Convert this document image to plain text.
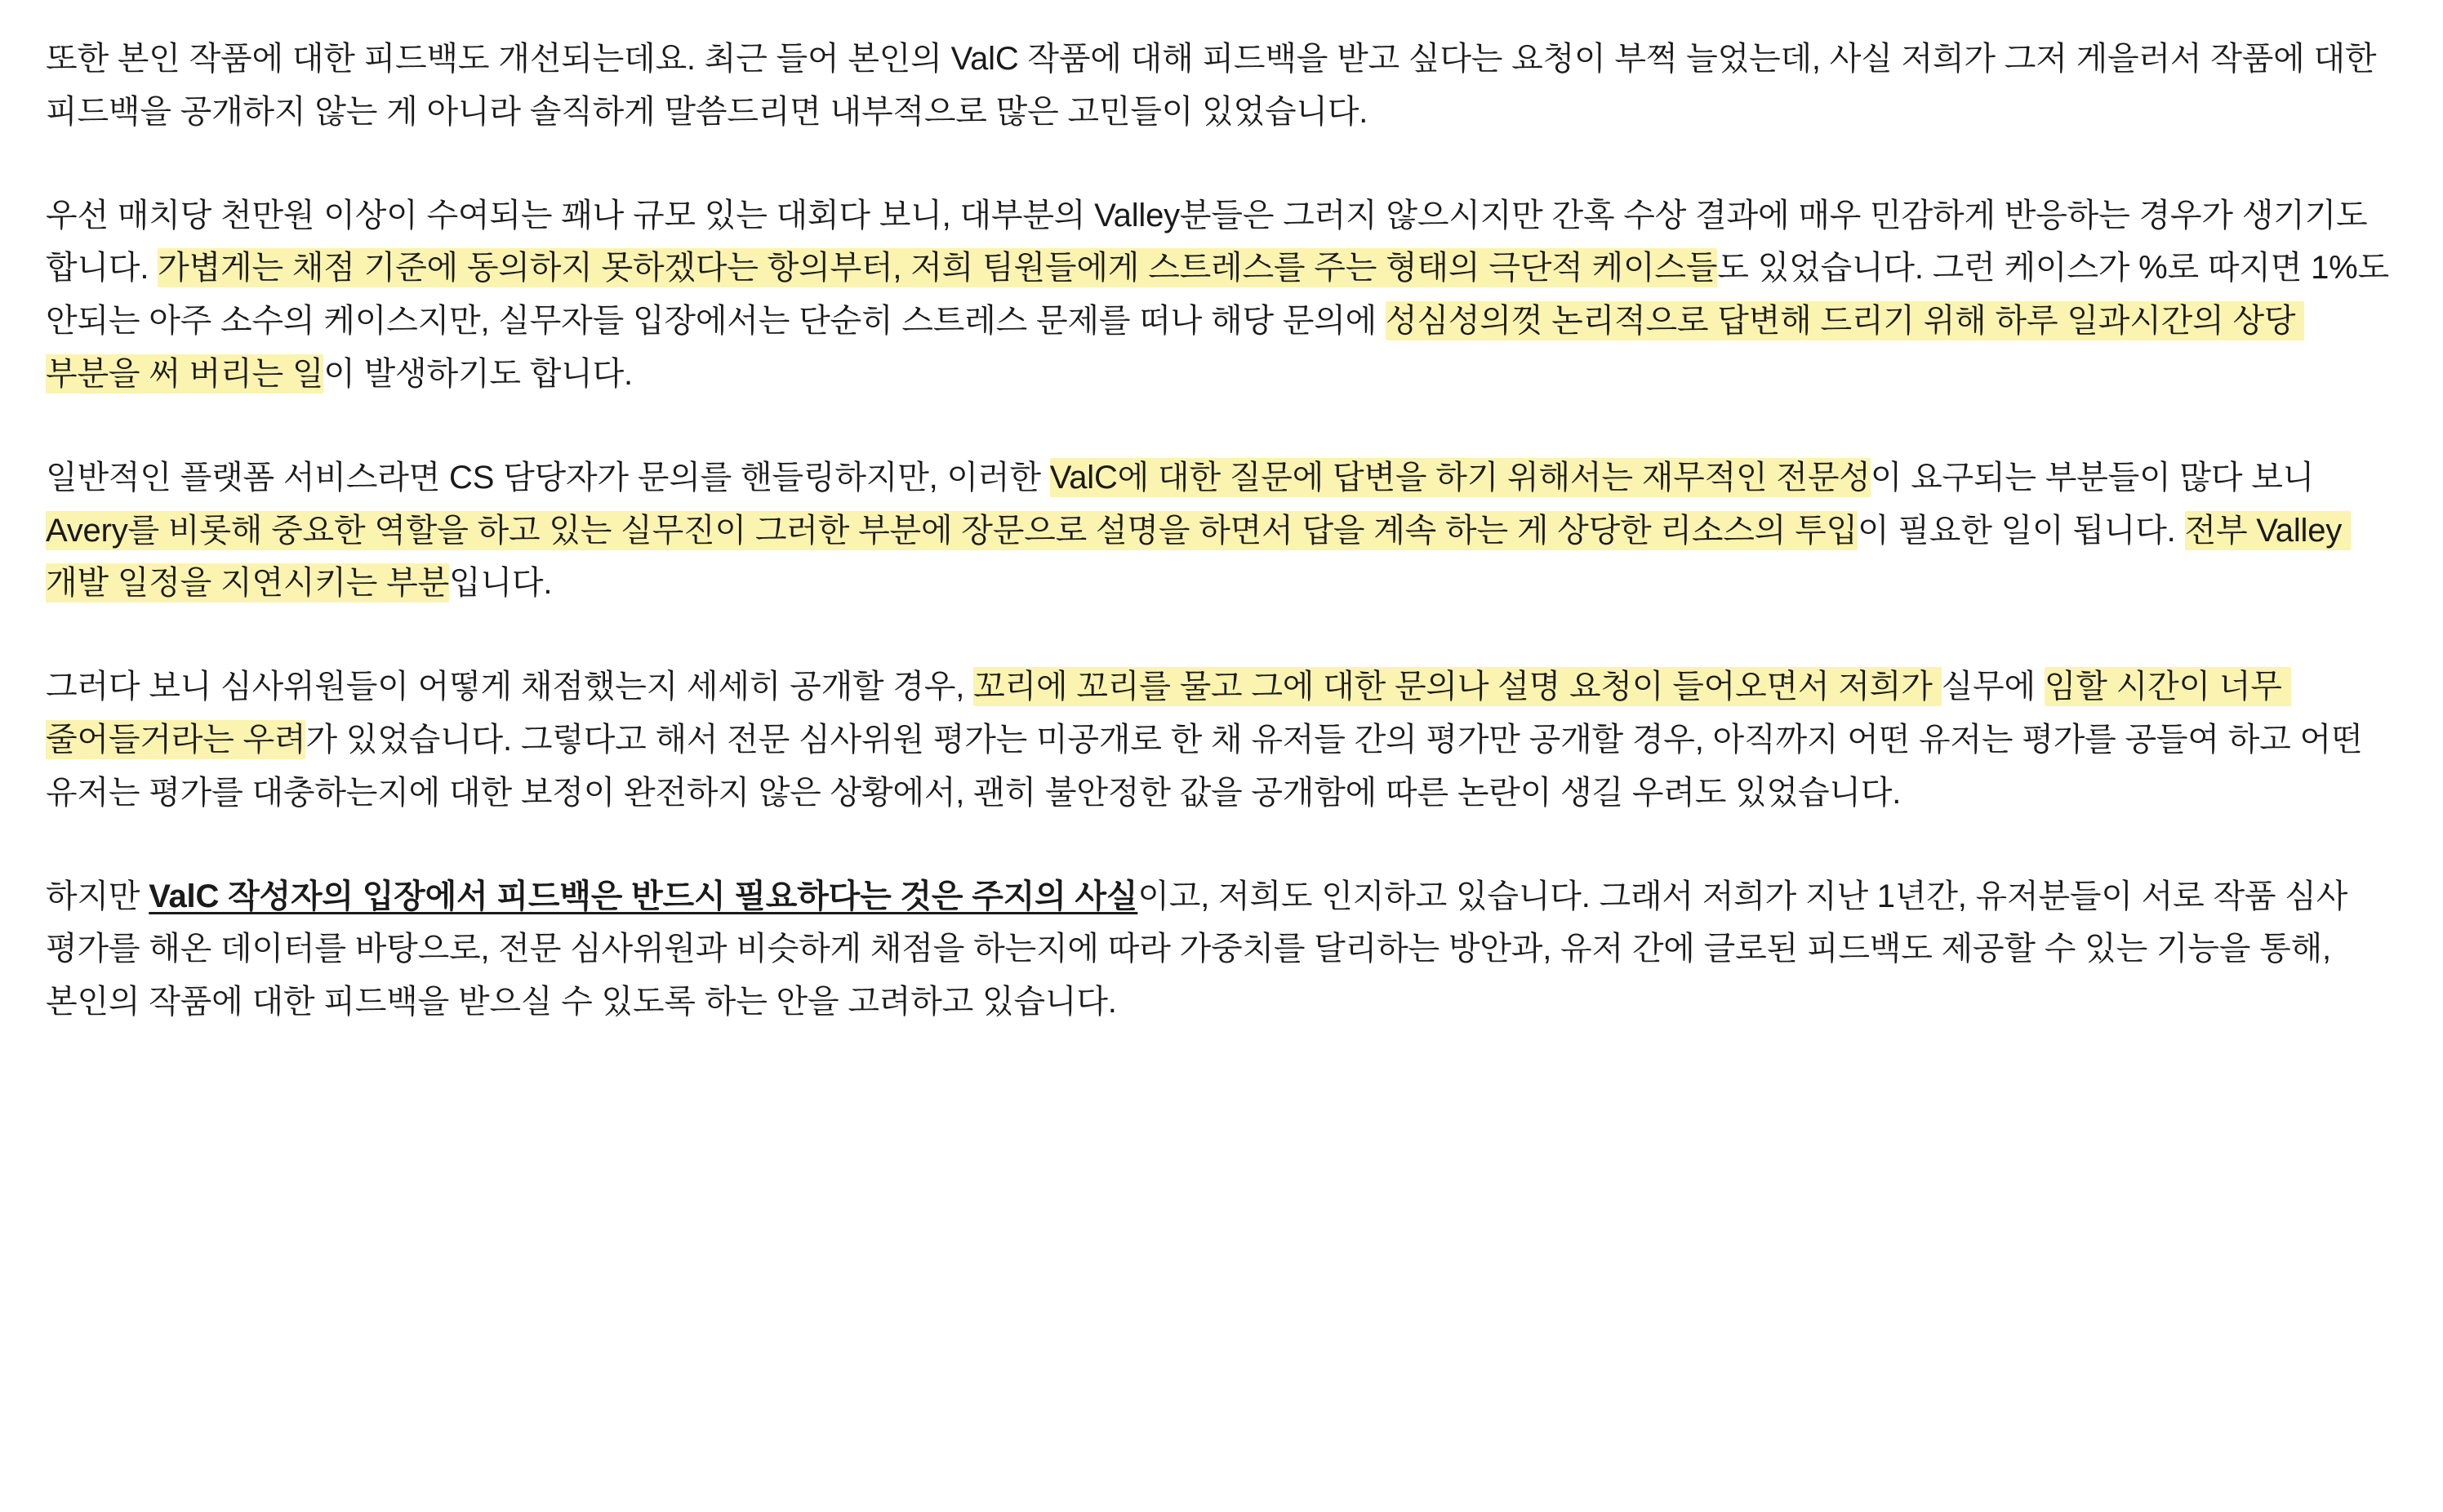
또한 본인 작품에 대한 피드백도 개선되는데요. 최근 들어 본인의 ValC 작품에 대해 피드백을 받고 싶다는 요청이 부쩍 늘었는데, 사실 저희가 그저 게을러서 작품에 대한 피드백을 공개하지 않는 게 아니라 솔직하게 말씀드리면 내부적으로 많은 고민들이 있었습니다.

우선 매치당 천만원 이상이 수여되는 꽤나 규모 있는 대회다 보니, 대부분의 Valley분들은 그러지 않으시지만 간혹 수상 결과에 매우 민감하게 반응하는 경우가 생기기도 합니다. 가볍게는 채점 기준에 동의하지 못하겠다는 항의부터, 저희 팀원들에게 스트레스를 주는 형태의 극단적 케이스들도 있었습니다. 그런 케이스가 %로 따지면 1%도 안되는 아주 소수의 케이스지만, 실무자들 입장에서는 단순히 스트레스 문제를 떠나 해당 문의에 성심성의껏 논리적으로 답변해 드리기 위해 하루 일과시간의 상당 부분을 써 버리는 일이 발생하기도 합니다.

일반적인 플랫폼 서비스라면 CS 담당자가 문의를 핸들링하지만, 이러한 ValC에 대한 질문에 답변을 하기 위해서는 재무적인 전문성이 요구되는 부분들이 많다 보니 Avery를 비롯해 중요한 역할을 하고 있는 실무진이 그러한 부분에 장문으로 설명을 하면서 답을 계속 하는 게 상당한 리소스의 투입이 필요한 일이 됩니다. 전부 Valley 개발 일정을 지연시키는 부분입니다.

그러다 보니 심사위원들이 어떻게 채점했는지 세세히 공개할 경우, 꼬리에 꼬리를 물고 그에 대한 문의나 설명 요청이 들어오면서 저희가 실무에 임할 시간이 너무 줄어들거라는 우려가 있었습니다. 그렇다고 해서 전문 심사위원 평가는 미공개로 한 채 유저들 간의 평가만 공개할 경우, 아직까지 어떤 유저는 평가를 공들여 하고 어떤 유저는 평가를 대충하는지에 대한 보정이 완전하지 않은 상황에서, 괜히 불안정한 값을 공개함에 따른 논란이 생길 우려도 있었습니다.

하지만 ValC 작성자의 입장에서 피드백은 반드시 필요하다는 것은 주지의 사실이고, 저희도 인지하고 있습니다. 그래서 저희가 지난 1년간, 유저분들이 서로 작품 심사 평가를 해온 데이터를 바탕으로, 전문 심사위원과 비슷하게 채점을 하는지에 따라 가중치를 달리하는 방안과, 유저 간에 글로된 피드백도 제공할 수 있는 기능을 통해, 본인의 작품에 대한 피드백을 받으실 수 있도록 하는 안을 고려하고 있습니다.
